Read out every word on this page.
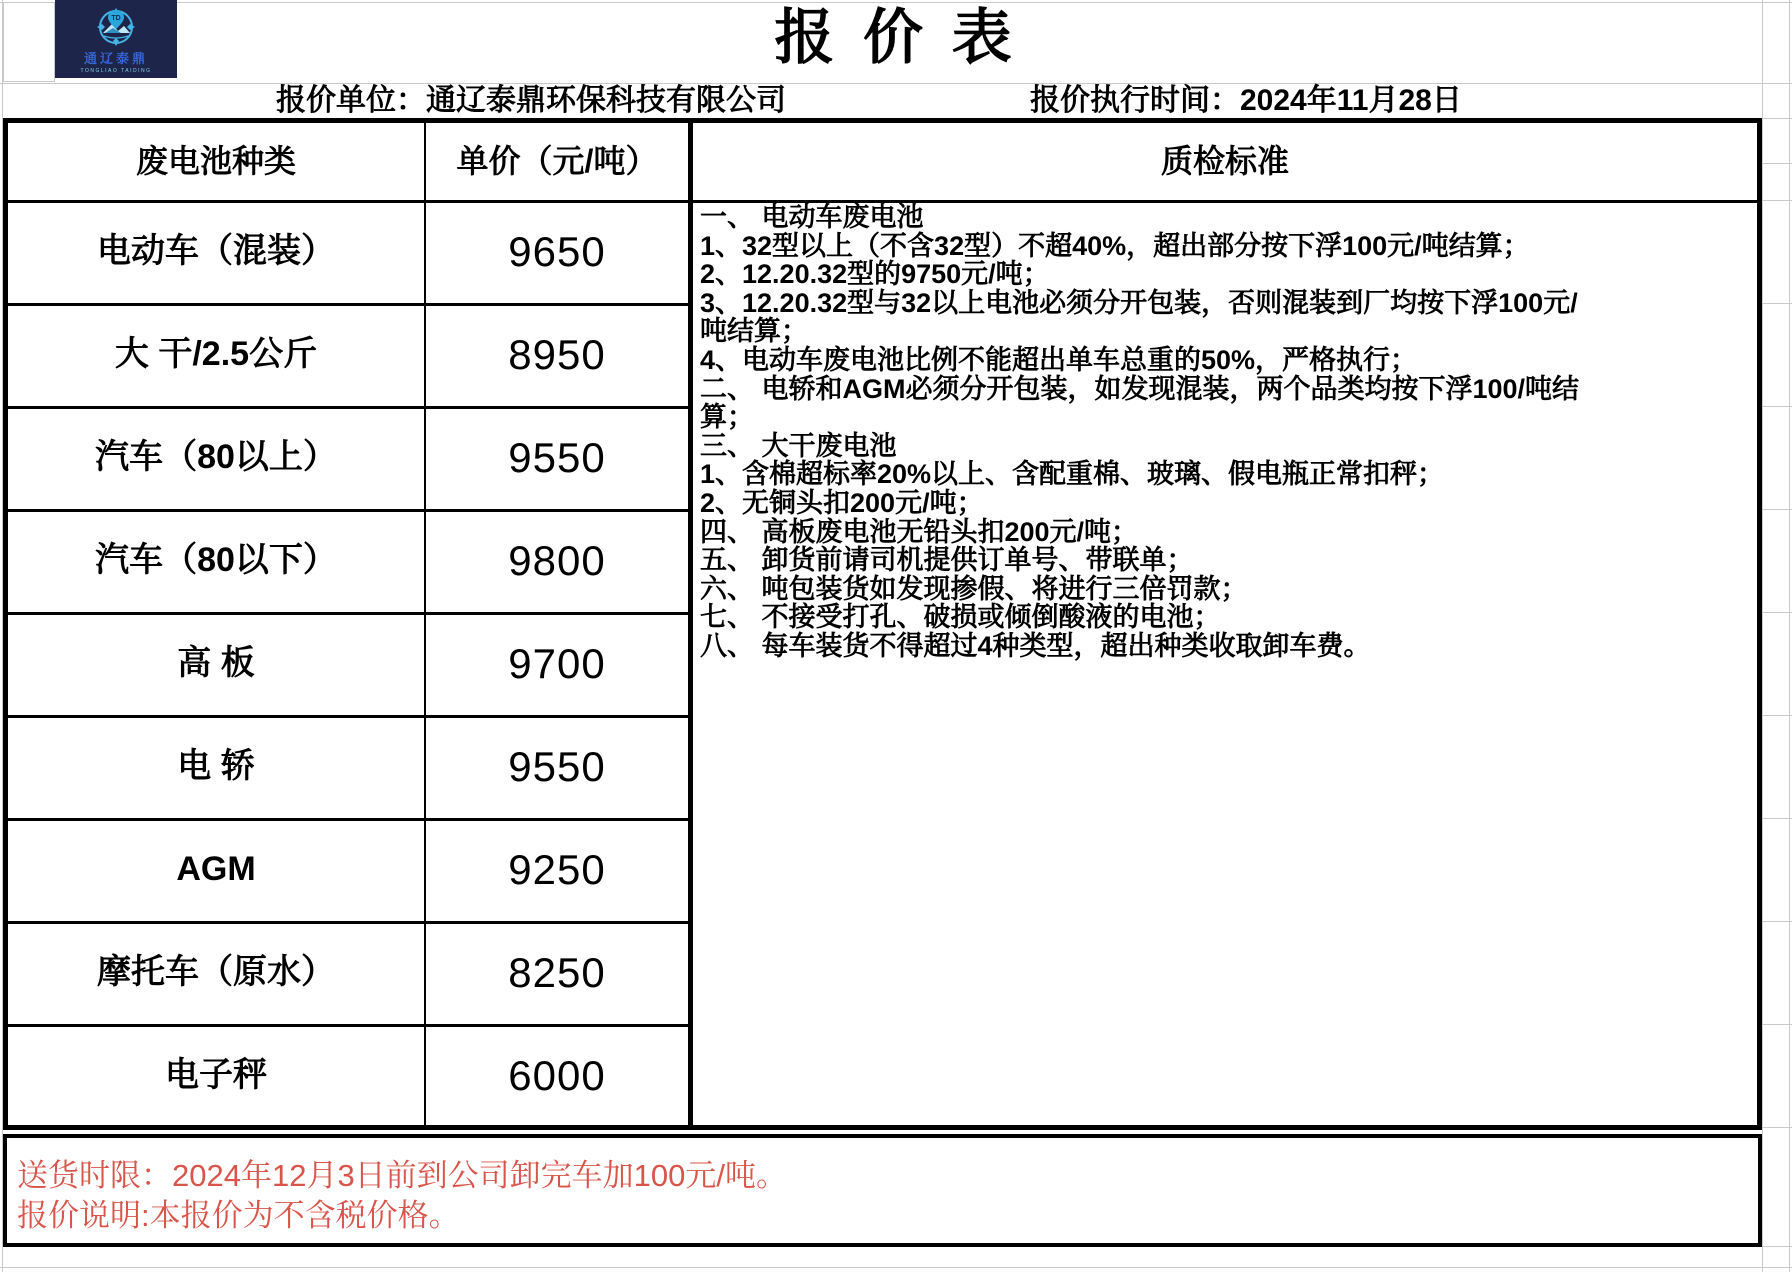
TD
通辽泰鼎
TONGLIAO TAIDING	报 价 表
报价单位：通辽泰鼎环保科技有限公司	报价执行时间：2024年11月28日
废电池种类	单价（元/吨）	质检标准
电动车（混装）	9650
大 干/2.5公斤	8950
汽车（80以上）	9550
汽车（80以下）	9800
高 板	9700
电 轿	9550
AGM	9250
摩托车（原水）	8250
电子秤	6000
一、 电动车废电池
1、32型以上（不含32型）不超40%，超出部分按下浮100元/吨结算；
2、12.20.32型的9750元/吨；
3、12.20.32型与32以上电池必须分开包装，否则混装到厂均按下浮100元/
吨结算；
4、电动车废电池比例不能超出单车总重的50%，严格执行；
二、 电轿和AGM必须分开包装，如发现混装，两个品类均按下浮100/吨结
算；
三、 大干废电池
1、含棉超标率20%以上、含配重棉、玻璃、假电瓶正常扣秤；
2、无铜头扣200元/吨；
四、 高板废电池无铅头扣200元/吨；
五、 卸货前请司机提供订单号、带联单；
六、 吨包装货如发现掺假、将进行三倍罚款；
七、 不接受打孔、破损或倾倒酸液的电池；
八、 每车装货不得超过4种类型，超出种类收取卸车费。
送货时限：2024年12月3日前到公司卸完车加100元/吨。
报价说明:本报价为不含税价格。
